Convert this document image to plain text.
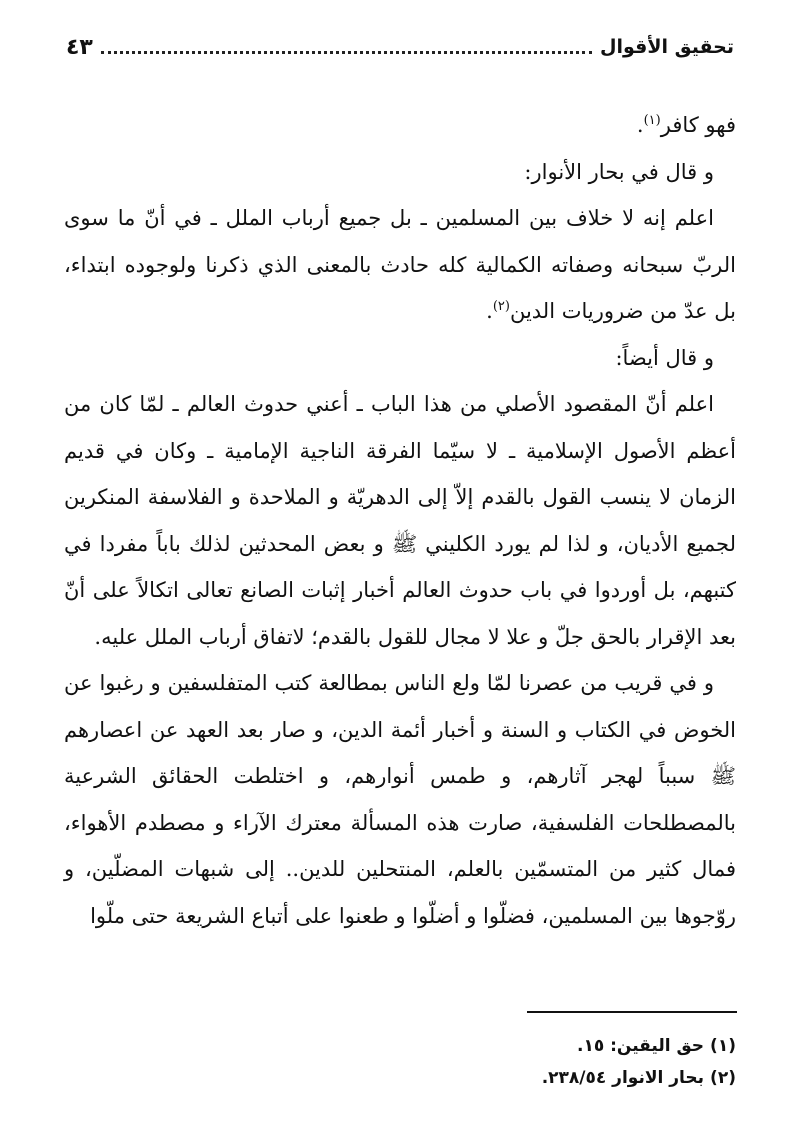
تحقيق الأقوال
٤٣

فهو كافر$^{(١)}$.

و قال في بحار الأنوار:

اعلم إنه لا خلاف بين المسلمين ـ بل جميع أرباب الملل ـ في أنّ ما سوى الربّ سبحانه وصفاته الكمالية كله حادث بالمعنى الذي ذكرنا ولوجوده ابتداء، بل عدّ من ضروريات الدين$^{(٢)}$.

و قال أيضاً:

اعلم أنّ المقصود الأصلي من هذا الباب ـ أعني حدوث العالم ـ لمّا كان من أعظم الأصول الإسلامية ـ لا سيّما الفرقة الناجية الإمامية ـ وكان في قديم الزمان لا ينسب القول بالقدم إلاّ إلى الدهريّة و الملاحدة و الفلاسفة المنكرين لجميع الأديان، و لذا لم يورد الكليني ﷺ و بعض المحدثين لذلك باباً مفردا في كتبهم، بل أوردوا في باب حدوث العالم أخبار إثبات الصانع تعالى اتكالاً على أنّ بعد الإقرار بالحق جلّ و علا لا مجال للقول بالقدم؛ لاتفاق أرباب الملل عليه.

و في قريب من عصرنا لمّا ولع الناس بمطالعة كتب المتفلسفين و رغبوا عن الخوض في الكتاب و السنة و أخبار أئمة الدين، و صار بعد العهد عن اعصارهم ﷺ سبباً لهجر آثارهم، و طمس أنوارهم، و اختلطت الحقائق الشرعية بالمصطلحات الفلسفية، صارت هذه المسألة معترك الآراء و مصطدم الأهواء، فمال كثير من المتسمّين بالعلم، المنتحلين للدين.. إلى شبهات المضلّين، و روّجوها بين المسلمين، فضلّوا و أضلّوا و طعنوا على أتباع الشريعة حتى ملّوا

(١)حق اليقين: ١٥.

(٢)بحار الانوار ٢٣٨/٥٤.
